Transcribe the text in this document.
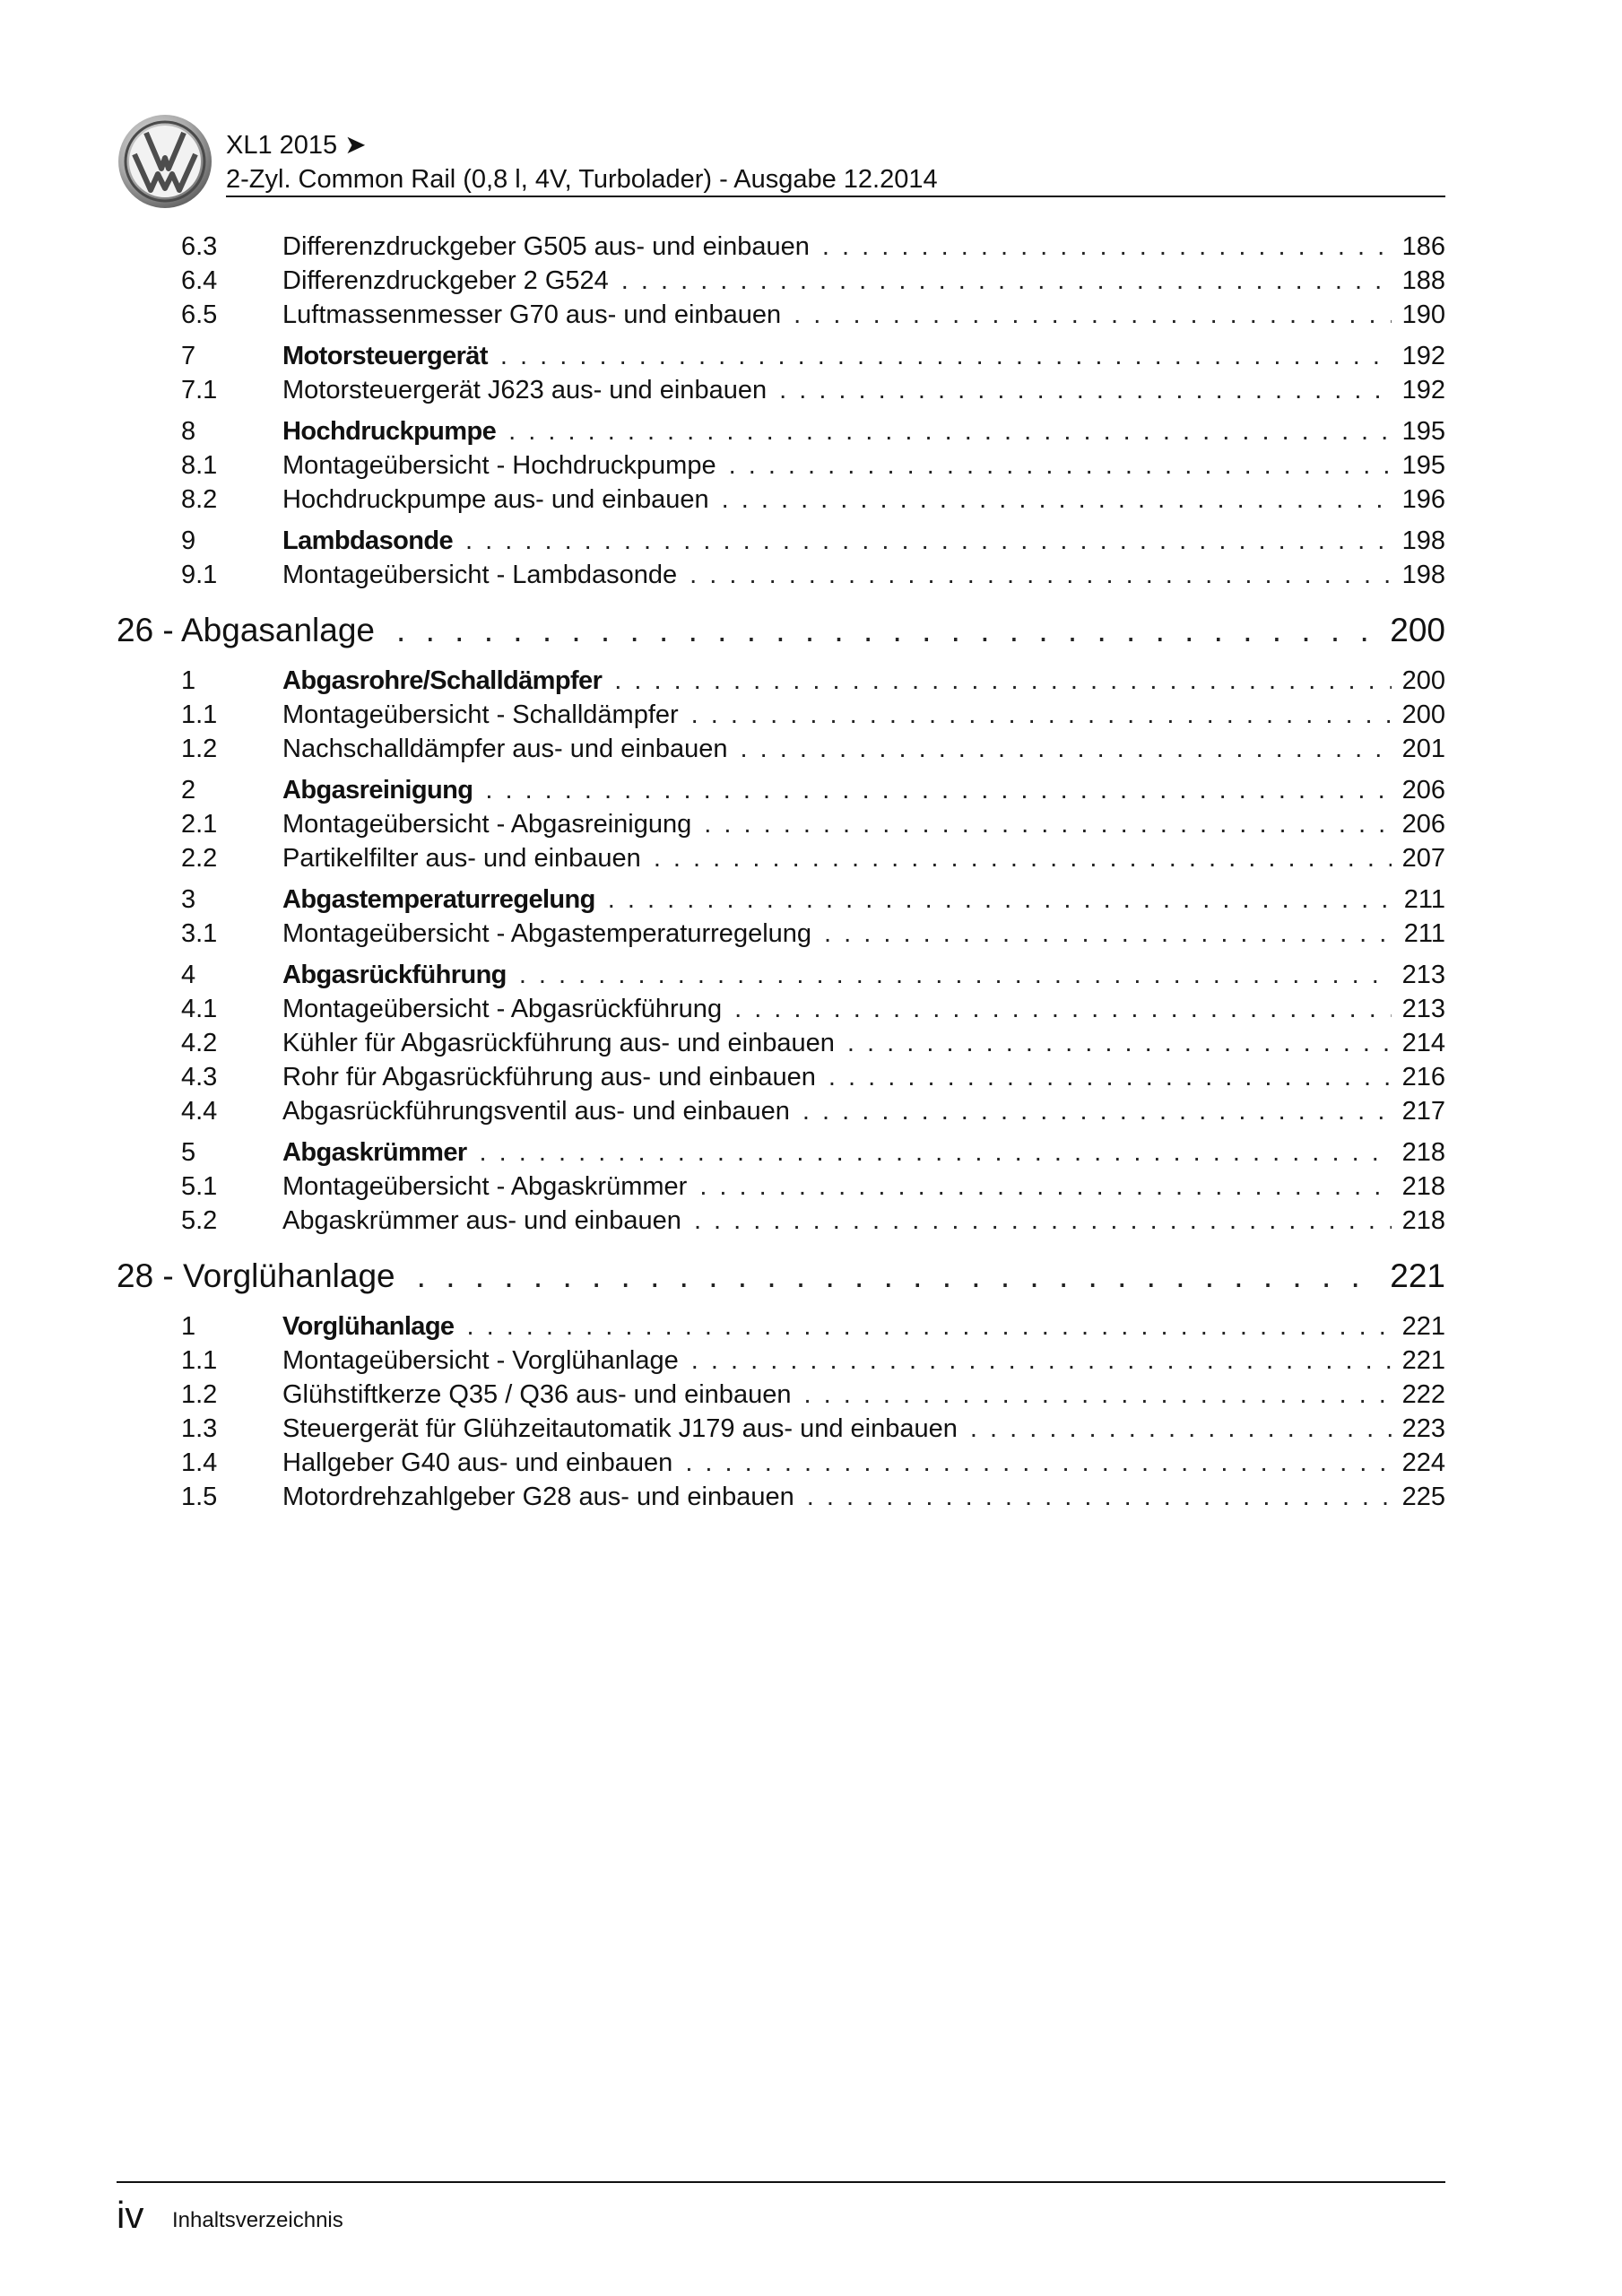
XL1 2015 ➤
2-Zyl. Common Rail (0,8 l, 4V, Turbolader) - Ausgabe 12.2014
6.3	Differenzdruckgeber G505 aus- und einbauen . . .	186
6.4	Differenzdruckgeber 2 G524 . . .	188
6.5	Luftmassenmesser G70 aus- und einbauen . . .	190
7	Motorsteuergerät . . .	192
7.1	Motorsteuergerät J623 aus- und einbauen . . .	192
8	Hochdruckpumpe . . .	195
8.1	Montageübersicht - Hochdruckpumpe . . .	195
8.2	Hochdruckpumpe aus- und einbauen . . .	196
9	Lambdasonde . . .	198
9.1	Montageübersicht - Lambdasonde . . .	198
26 - Abgasanlage . . .	200
1	Abgasrohre/Schalldämpfer . . .	200
1.1	Montageübersicht - Schalldämpfer . . .	200
1.2	Nachschalldämpfer aus- und einbauen . . .	201
2	Abgasreinigung . . .	206
2.1	Montageübersicht - Abgasreinigung . . .	206
2.2	Partikelfilter aus- und einbauen . . .	207
3	Abgastemperaturregelung . . .	211
3.1	Montageübersicht - Abgastemperaturregelung . . .	211
4	Abgasrückführung . . .	213
4.1	Montageübersicht - Abgasrückführung . . .	213
4.2	Kühler für Abgasrückführung aus- und einbauen . . .	214
4.3	Rohr für Abgasrückführung aus- und einbauen . . .	216
4.4	Abgasrückführungsventil aus- und einbauen . . .	217
5	Abgaskrümmer . . .	218
5.1	Montageübersicht - Abgaskrümmer . . .	218
5.2	Abgaskrümmer aus- und einbauen . . .	218
28 - Vorglühanlage . . .	221
1	Vorglühanlage . . .	221
1.1	Montageübersicht - Vorglühanlage . . .	221
1.2	Glühstiftkerze Q35 / Q36 aus- und einbauen . . .	222
1.3	Steuergerät für Glühzeitautomatik J179 aus- und einbauen . . .	223
1.4	Hallgeber G40 aus- und einbauen . . .	224
1.5	Motordrehzahlgeber G28 aus- und einbauen . . .	225
iv Inhaltsverzeichnis
